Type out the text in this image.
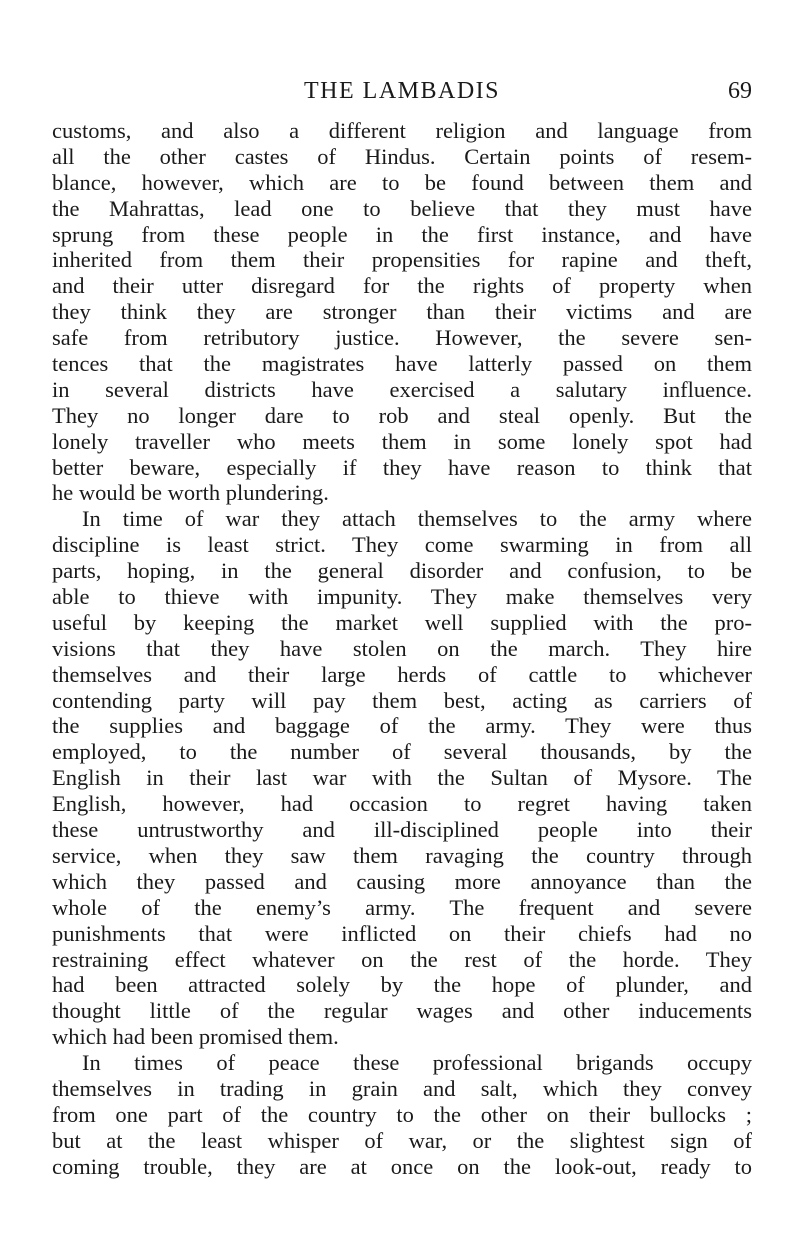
THE LAMBADIS	69
customs, and also a different religion and language from
all the other castes of Hindus. Certain points of resem-
blance, however, which are to be found between them and
the Mahrattas, lead one to believe that they must have
sprung from these people in the first instance, and have
inherited from them their propensities for rapine and theft,
and their utter disregard for the rights of property when
they think they are stronger than their victims and are
safe from retributory justice. However, the severe sen-
tences that the magistrates have latterly passed on them
in several districts have exercised a salutary influence.
They no longer dare to rob and steal openly. But the
lonely traveller who meets them in some lonely spot had
better beware, especially if they have reason to think that
he would be worth plundering.
In time of war they attach themselves to the army where
discipline is least strict. They come swarming in from all
parts, hoping, in the general disorder and confusion, to be
able to thieve with impunity. They make themselves very
useful by keeping the market well supplied with the pro-
visions that they have stolen on the march. They hire
themselves and their large herds of cattle to whichever
contending party will pay them best, acting as carriers of
the supplies and baggage of the army. They were thus
employed, to the number of several thousands, by the
English in their last war with the Sultan of Mysore. The
English, however, had occasion to regret having taken
these untrustworthy and ill-disciplined people into their
service, when they saw them ravaging the country through
which they passed and causing more annoyance than the
whole of the enemy’s army. The frequent and severe
punishments that were inflicted on their chiefs had no
restraining effect whatever on the rest of the horde. They
had been attracted solely by the hope of plunder, and
thought little of the regular wages and other inducements
which had been promised them.
In times of peace these professional brigands occupy
themselves in trading in grain and salt, which they convey
from one part of the country to the other on their bullocks ;
but at the least whisper of war, or the slightest sign of
coming trouble, they are at once on the look-out, ready to
